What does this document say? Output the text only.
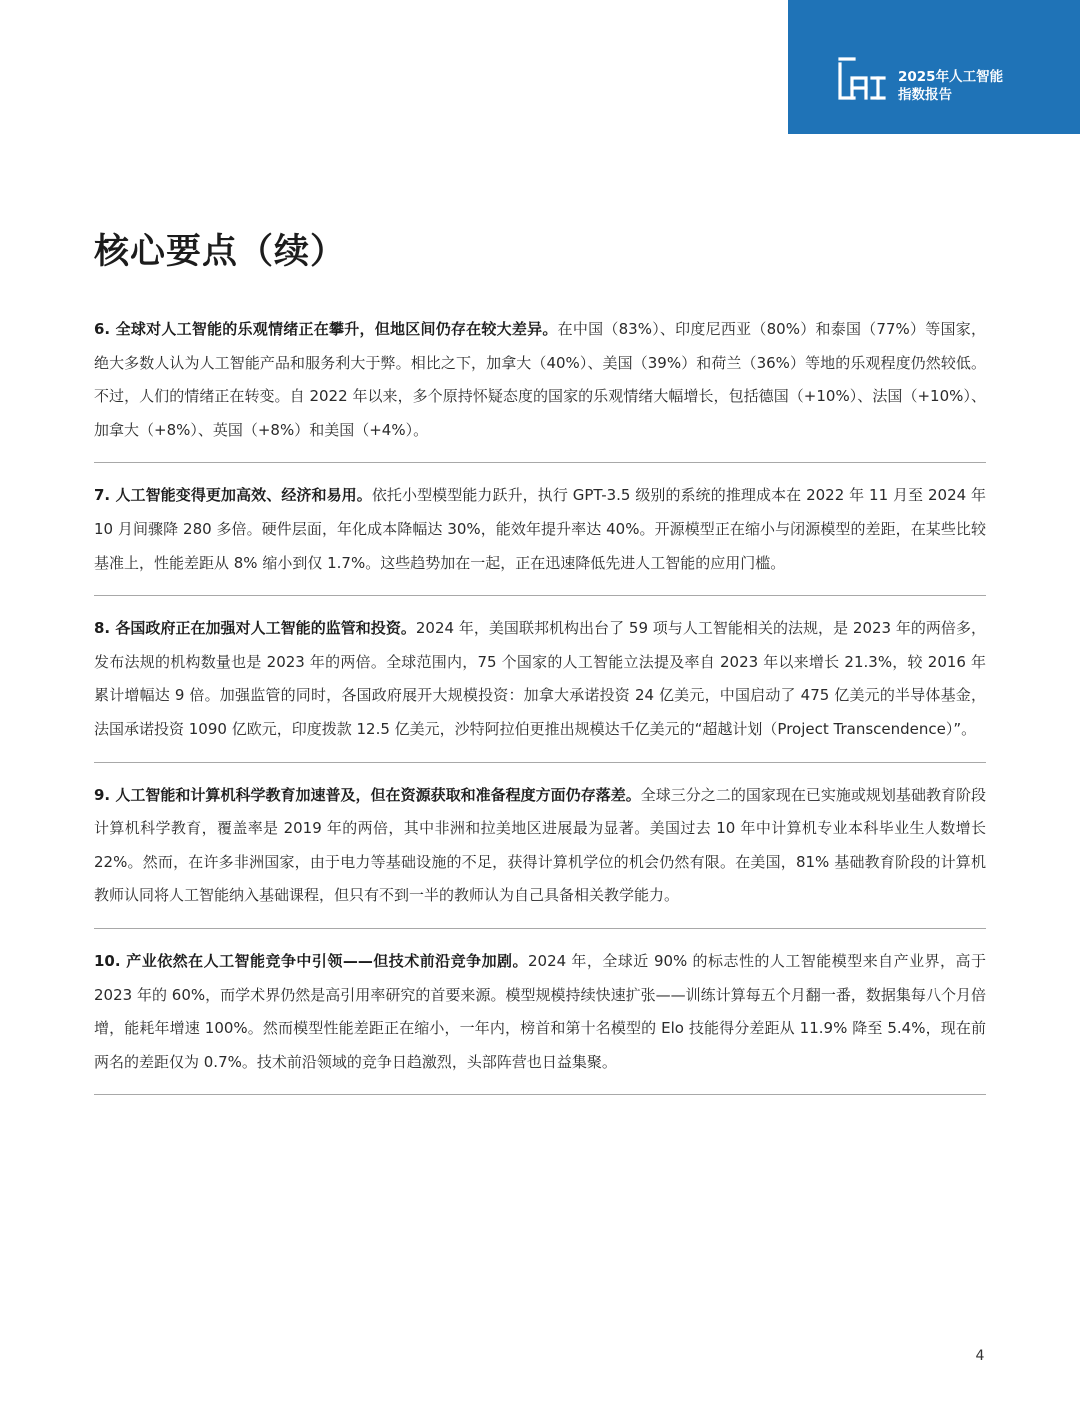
2025年人工智能
指数报告
核心要点（续）

6. 全球对人工智能的乐观情绪正在攀升，但地区间仍存在较大差异。在中国（83%）、印度尼西亚（80%）和泰国（77%）等国家，绝大多数人认为人工智能产品和服务利大于弊。相比之下，加拿大（40%）、美国（39%）和荷兰（36%）等地的乐观程度仍然较低。不过，人们的情绪正在转变。自 2022 年以来，多个原持怀疑态度的国家的乐观情绪大幅增长，包括德国（+10%）、法国（+10%）、加拿大（+8%）、英国（+8%）和美国（+4%）。

7. 人工智能变得更加高效、经济和易用。依托小型模型能力跃升，执行 GPT-3.5 级别的系统的推理成本在 2022 年 11 月至 2024 年 10 月间骤降 280 多倍。硬件层面，年化成本降幅达 30%，能效年提升率达 40%。开源模型正在缩小与闭源模型的差距，在某些比较基准上，性能差距从 8% 缩小到仅 1.7%。这些趋势加在一起，正在迅速降低先进人工智能的应用门槛。

8. 各国政府正在加强对人工智能的监管和投资。2024 年，美国联邦机构出台了 59 项与人工智能相关的法规，是 2023 年的两倍多，发布法规的机构数量也是 2023 年的两倍。全球范围内，75 个国家的人工智能立法提及率自 2023 年以来增长 21.3%，较 2016 年累计增幅达 9 倍。加强监管的同时，各国政府展开大规模投资：加拿大承诺投资 24 亿美元，中国启动了 475 亿美元的半导体基金，法国承诺投资 1090 亿欧元，印度拨款 12.5 亿美元，沙特阿拉伯更推出规模达千亿美元的“超越计划（Project Transcendence）”。

9. 人工智能和计算机科学教育加速普及，但在资源获取和准备程度方面仍存落差。全球三分之二的国家现在已实施或规划基础教育阶段计算机科学教育，覆盖率是 2019 年的两倍，其中非洲和拉美地区进展最为显著。美国过去 10 年中计算机专业本科毕业生人数增长 22%。然而，在许多非洲国家，由于电力等基础设施的不足，获得计算机学位的机会仍然有限。在美国，81% 基础教育阶段的计算机教师认同将人工智能纳入基础课程，但只有不到一半的教师认为自己具备相关教学能力。

10. 产业依然在人工智能竞争中引领——但技术前沿竞争加剧。2024 年，全球近 90% 的标志性的人工智能模型来自产业界，高于 2023 年的 60%，而学术界仍然是高引用率研究的首要来源。模型规模持续快速扩张——训练计算每五个月翻一番，数据集每八个月倍增，能耗年增速 100%。然而模型性能差距正在缩小，一年内，榜首和第十名模型的 Elo 技能得分差距从 11.9% 降至 5.4%，现在前两名的差距仅为 0.7%。技术前沿领域的竞争日趋激烈，头部阵营也日益集聚。

4
